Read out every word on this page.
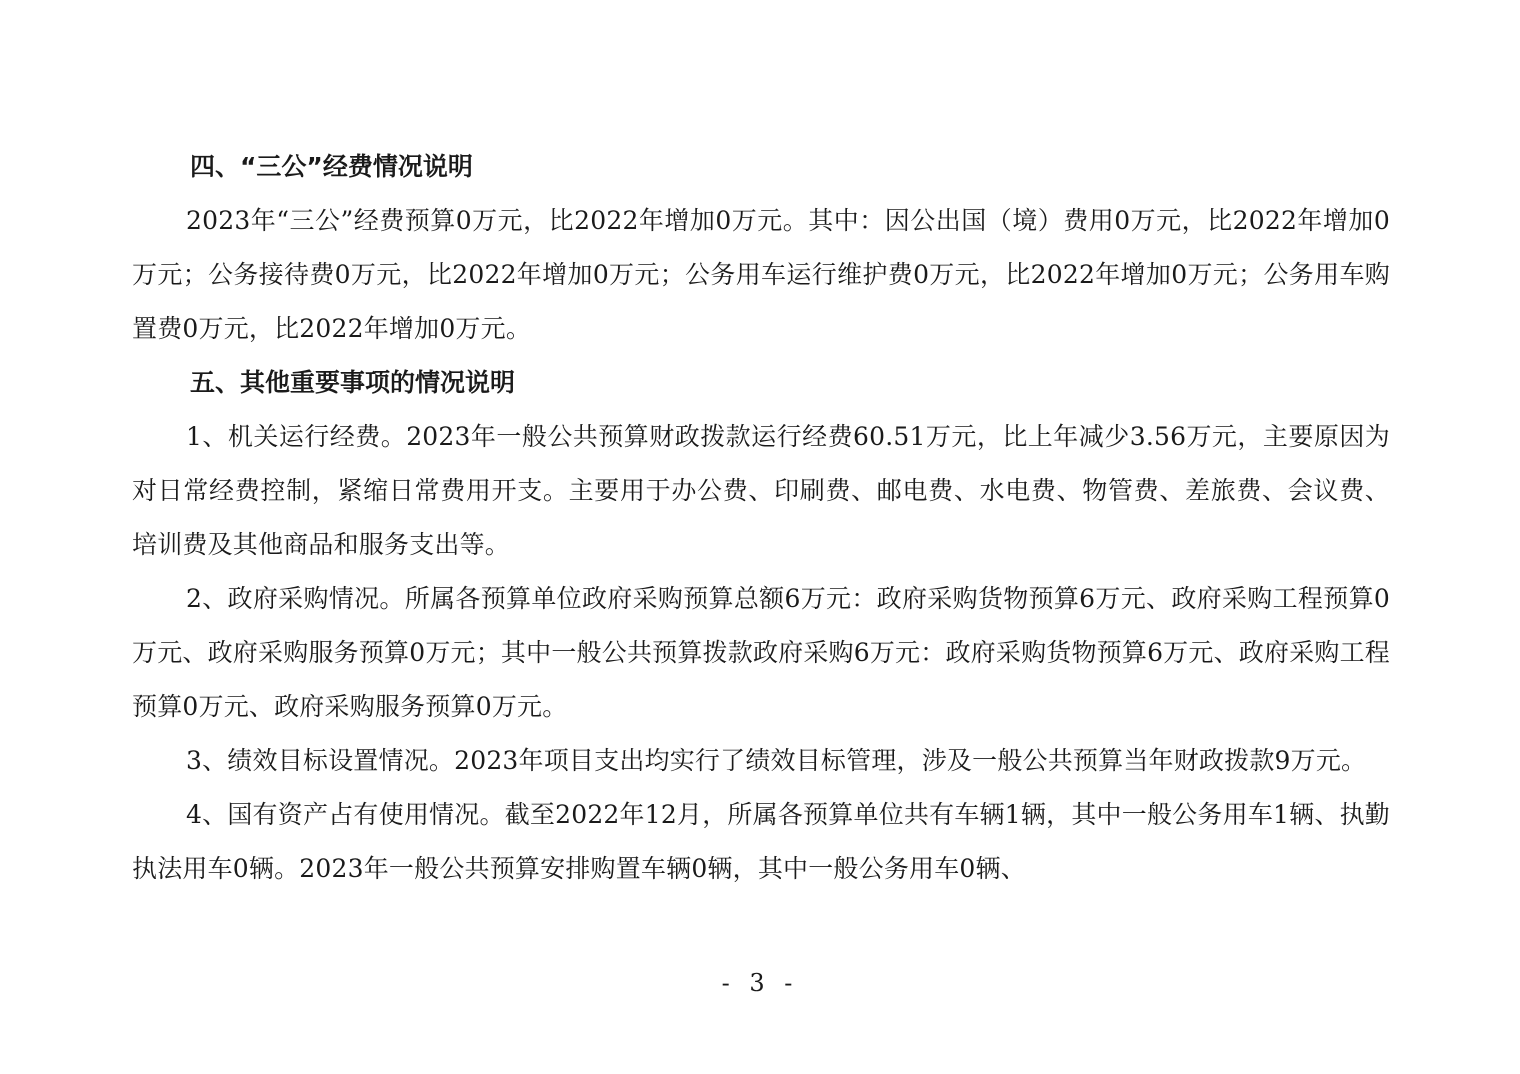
四、“三公”经费情况说明

2023年“三公”经费预算0万元，比2022年增加0万元。其中：因公出国（境）费用0万元，比2022年增加0万元；公务接待费0万元，比2022年增加0万元；公务用车运行维护费0万元，比2022年增加0万元；公务用车购置费0万元，比2022年增加0万元。

五、其他重要事项的情况说明

1、机关运行经费。2023年一般公共预算财政拨款运行经费60.51万元，比上年减少3.56万元，主要原因为对日常经费控制，紧缩日常费用开支。主要用于办公费、印刷费、邮电费、水电费、物管费、差旅费、会议费、培训费及其他商品和服务支出等。

2、政府采购情况。所属各预算单位政府采购预算总额6万元：政府采购货物预算6万元、政府采购工程预算0万元、政府采购服务预算0万元；其中一般公共预算拨款政府采购6万元：政府采购货物预算6万元、政府采购工程预算0万元、政府采购服务预算0万元。

3、绩效目标设置情况。2023年项目支出均实行了绩效目标管理，涉及一般公共预算当年财政拨款9万元。

4、国有资产占有使用情况。截至2022年12月，所属各预算单位共有车辆1辆，其中一般公务用车1辆、执勤执法用车0辆。2023年一般公共预算安排购置车辆0辆，其中一般公务用车0辆、

- 3 -
